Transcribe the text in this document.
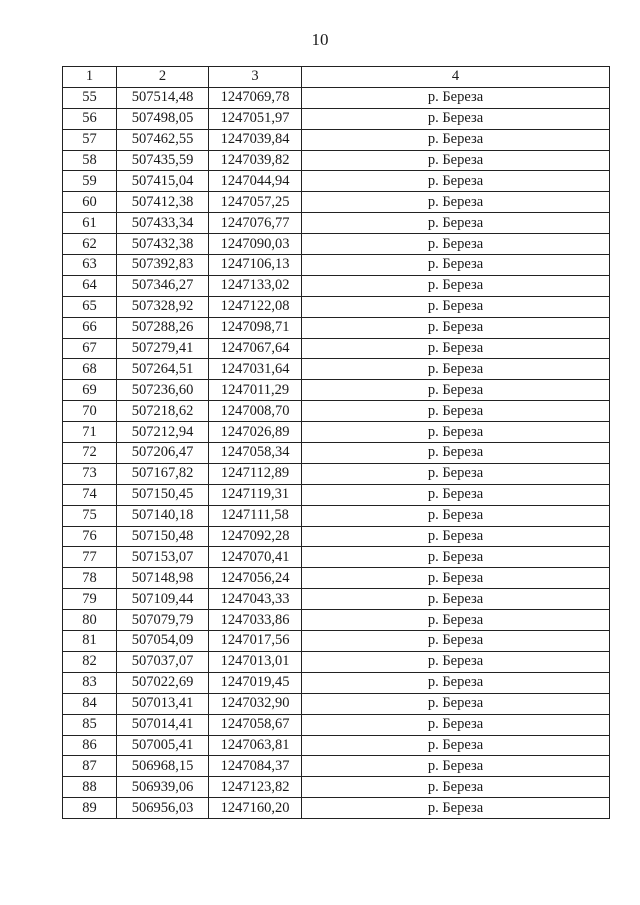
10
1	2	3	4
55	507514,48	1247069,78	р. Береза
56	507498,05	1247051,97	р. Береза
57	507462,55	1247039,84	р. Береза
58	507435,59	1247039,82	р. Береза
59	507415,04	1247044,94	р. Береза
60	507412,38	1247057,25	р. Береза
61	507433,34	1247076,77	р. Береза
62	507432,38	1247090,03	р. Береза
63	507392,83	1247106,13	р. Береза
64	507346,27	1247133,02	р. Береза
65	507328,92	1247122,08	р. Береза
66	507288,26	1247098,71	р. Береза
67	507279,41	1247067,64	р. Береза
68	507264,51	1247031,64	р. Береза
69	507236,60	1247011,29	р. Береза
70	507218,62	1247008,70	р. Береза
71	507212,94	1247026,89	р. Береза
72	507206,47	1247058,34	р. Береза
73	507167,82	1247112,89	р. Береза
74	507150,45	1247119,31	р. Береза
75	507140,18	1247111,58	р. Береза
76	507150,48	1247092,28	р. Береза
77	507153,07	1247070,41	р. Береза
78	507148,98	1247056,24	р. Береза
79	507109,44	1247043,33	р. Береза
80	507079,79	1247033,86	р. Береза
81	507054,09	1247017,56	р. Береза
82	507037,07	1247013,01	р. Береза
83	507022,69	1247019,45	р. Береза
84	507013,41	1247032,90	р. Береза
85	507014,41	1247058,67	р. Береза
86	507005,41	1247063,81	р. Береза
87	506968,15	1247084,37	р. Береза
88	506939,06	1247123,82	р. Береза
89	506956,03	1247160,20	р. Береза
